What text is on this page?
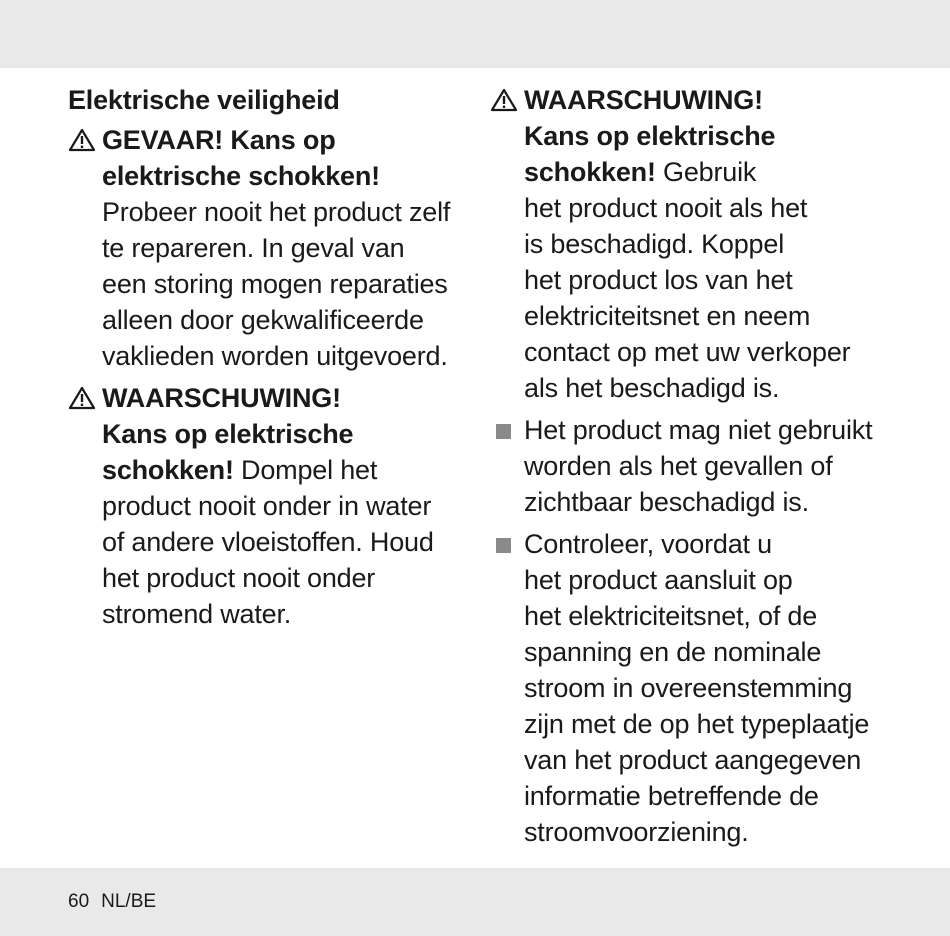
Elektrische veiligheid

GEVAAR! Kans op
elektrische schokken!
Probeer nooit het product zelf
te repareren. In geval van
een storing mogen reparaties
alleen door gekwalificeerde
vaklieden worden uitgevoerd.
WAARSCHUWING!
Kans op elektrische
schokken! Dompel het
product nooit onder in water
of andere vloeistoffen. Houd
het product nooit onder
stromend water.
WAARSCHUWING!
Kans op elektrische
schokken! Gebruik
het product nooit als het
is beschadigd. Koppel
het product los van het
elektriciteitsnet en neem
contact op met uw verkoper
als het beschadigd is.
Het product mag niet gebruikt
worden als het gevallen of
zichtbaar beschadigd is.
Controleer, voordat u
het product aansluit op
het elektriciteitsnet, of de
spanning en de nominale
stroom in overeenstemming
zijn met de op het typeplaatje
van het product aangegeven
informatie betreffende de
stroomvoorziening.
60 NL/BE
